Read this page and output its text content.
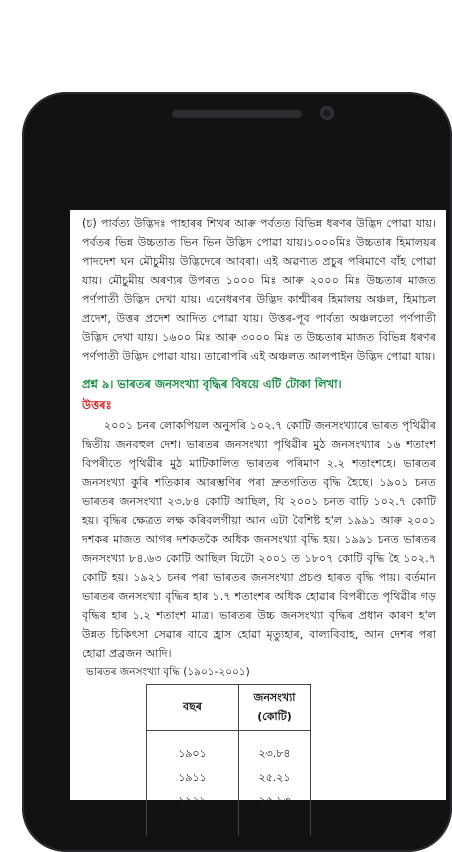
(চ) পাৰ্বত্য উদ্ভিদঃ পাহাৰৰ শিখৰ আৰু পৰ্বতত বিভিন্ন ধৰণৰ উদ্ভিদ পোৱা যায়। পৰ্বতৰ ভিন্ন উচ্চতাত ভিন ভিন উদ্ভিদ পোৱা যায়।১০০০মিঃ উচ্চতাৰ হিমালয়ৰ পাদদেশ ঘন মৌচুমীয় উদ্ভিদেৰে আবৰা। এই অৱণ্যত প্ৰচুৰ পৰিমাণে বাঁহ পোৱা যায়। মৌচুমীয় অৰণ্যৰ উপৰত ১০০০ মিঃ আৰু ২০০০ মিঃ উচ্চতাৰ মাজত পৰ্ণপাতী উদ্ভিদ দেখা যায়। এনেধৰণৰ উদ্ভিদ কাশ্মীৰৰ হিমালয় অঞ্চল, হিমাচল প্ৰদেশ, উত্তৰ প্ৰদেশ আদিত পোৱা যায়। উত্তৰ-পূব পাৰ্বত্য অঞ্চলতো পৰ্ণপাতী উদ্ভিদ দেখা যায়। ১৬০০ মিঃ আৰু ৩০০০ মিঃ ত উচ্চতাৰ মাজত বিভিন্ন ধৰণৰ পৰ্ণপাতী উদ্ভিদ পোৱা যায়। তাৰোপৰি এই অঞ্চলত আলপাইন উদ্ভিদ পোৱা যায়।

প্ৰশ্ন ৯। ভাৰতৰ জনসংখ্যা বৃদ্ধিৰ বিষয়ে এটি টোকা লিখা।
উত্তৰঃ

২০০১ চনৰ লোকপিয়ল অনুসৰি ১০২.৭ কোটি জনসংখ্যাৰে ভাৰত পৃথিৱীৰ দ্বিতীয় জনবহুল দেশ। ভাৰতৰ জনসংখ্যা পৃথিৱীৰ মুঠ জনসংখ্যাৰ ১৬ শতাংশ বিপৰীতে পৃথিৱীৰ মুঠ মাটিকালিত ভাৰতৰ পৰিমাণ ২.২ শতাংশহে। ভাৰতৰ জনসংখ্যা কুৰি শতিকাৰ আৰম্ভণিৰ পৰা দ্ৰুতগতিত বৃদ্ধি হৈছে। ১৯০১ চনত ভাৰতৰ জনসংখ্যা ২৩.৮৪ কোটি আছিল, যি ২০০১ চনত বাঢ়ি ১০২.৭ কোটি হয়। বৃদ্ধিৰ ক্ষেত্ৰত লক্ষ কৰিবলগীয়া আন এটা বৈশিষ্ট হ'ল ১৯৯১ আৰু ২০০১ দশকৰ মাজত আগৰ দশকতকৈ অধিক জনসংখ্যা বৃদ্ধি হয়। ১৯৯১ চনত ভাৰতৰ জনসংখ্যা ৮৪.৬৩ কোটি আছিল যিটো ২০০১ ত ১৮০৭ কোটি বৃদ্ধি হৈ ১০২.৭ কোটি হয়। ১৯২১ চনৰ পৰা ভাৰতৰ জনসংখ্যা প্ৰচণ্ড হাৰত বৃদ্ধি পায়। বৰ্তমান ভাৰতৰ জনসংখ্যা বৃদ্ধিৰ হাৰ ১.৭ শতাংশৰ অধিক হোৱাৰ বিপৰীতে পৃথিৱীৰ গড় বৃদ্ধিৰ হাৰ ১.২ শতাংশ মাত্ৰ। ভাৰতৰ উচ্চ জনসংখ্যা বৃদ্ধিৰ প্ৰধান কাৰণ হ'ল উন্নত চিকিৎসা সেৱাৰ বাবে হ্ৰাস হোৱা মৃত্যুহাৰ, বাল্যবিবাহ, আন দেশৰ পৰা হোৱা প্ৰব্ৰজন আদি।

ভাৰতৰ জনসংখ্যা বৃদ্ধি (১৯০১-২০০১)
বছৰ	জনসংখ্যা (কোটি)
১৯০১	২৩.৮৪
১৯১১	২৫.২১
১৯২১	২৫.১৩
১৯৪১	৩১.৮৬
